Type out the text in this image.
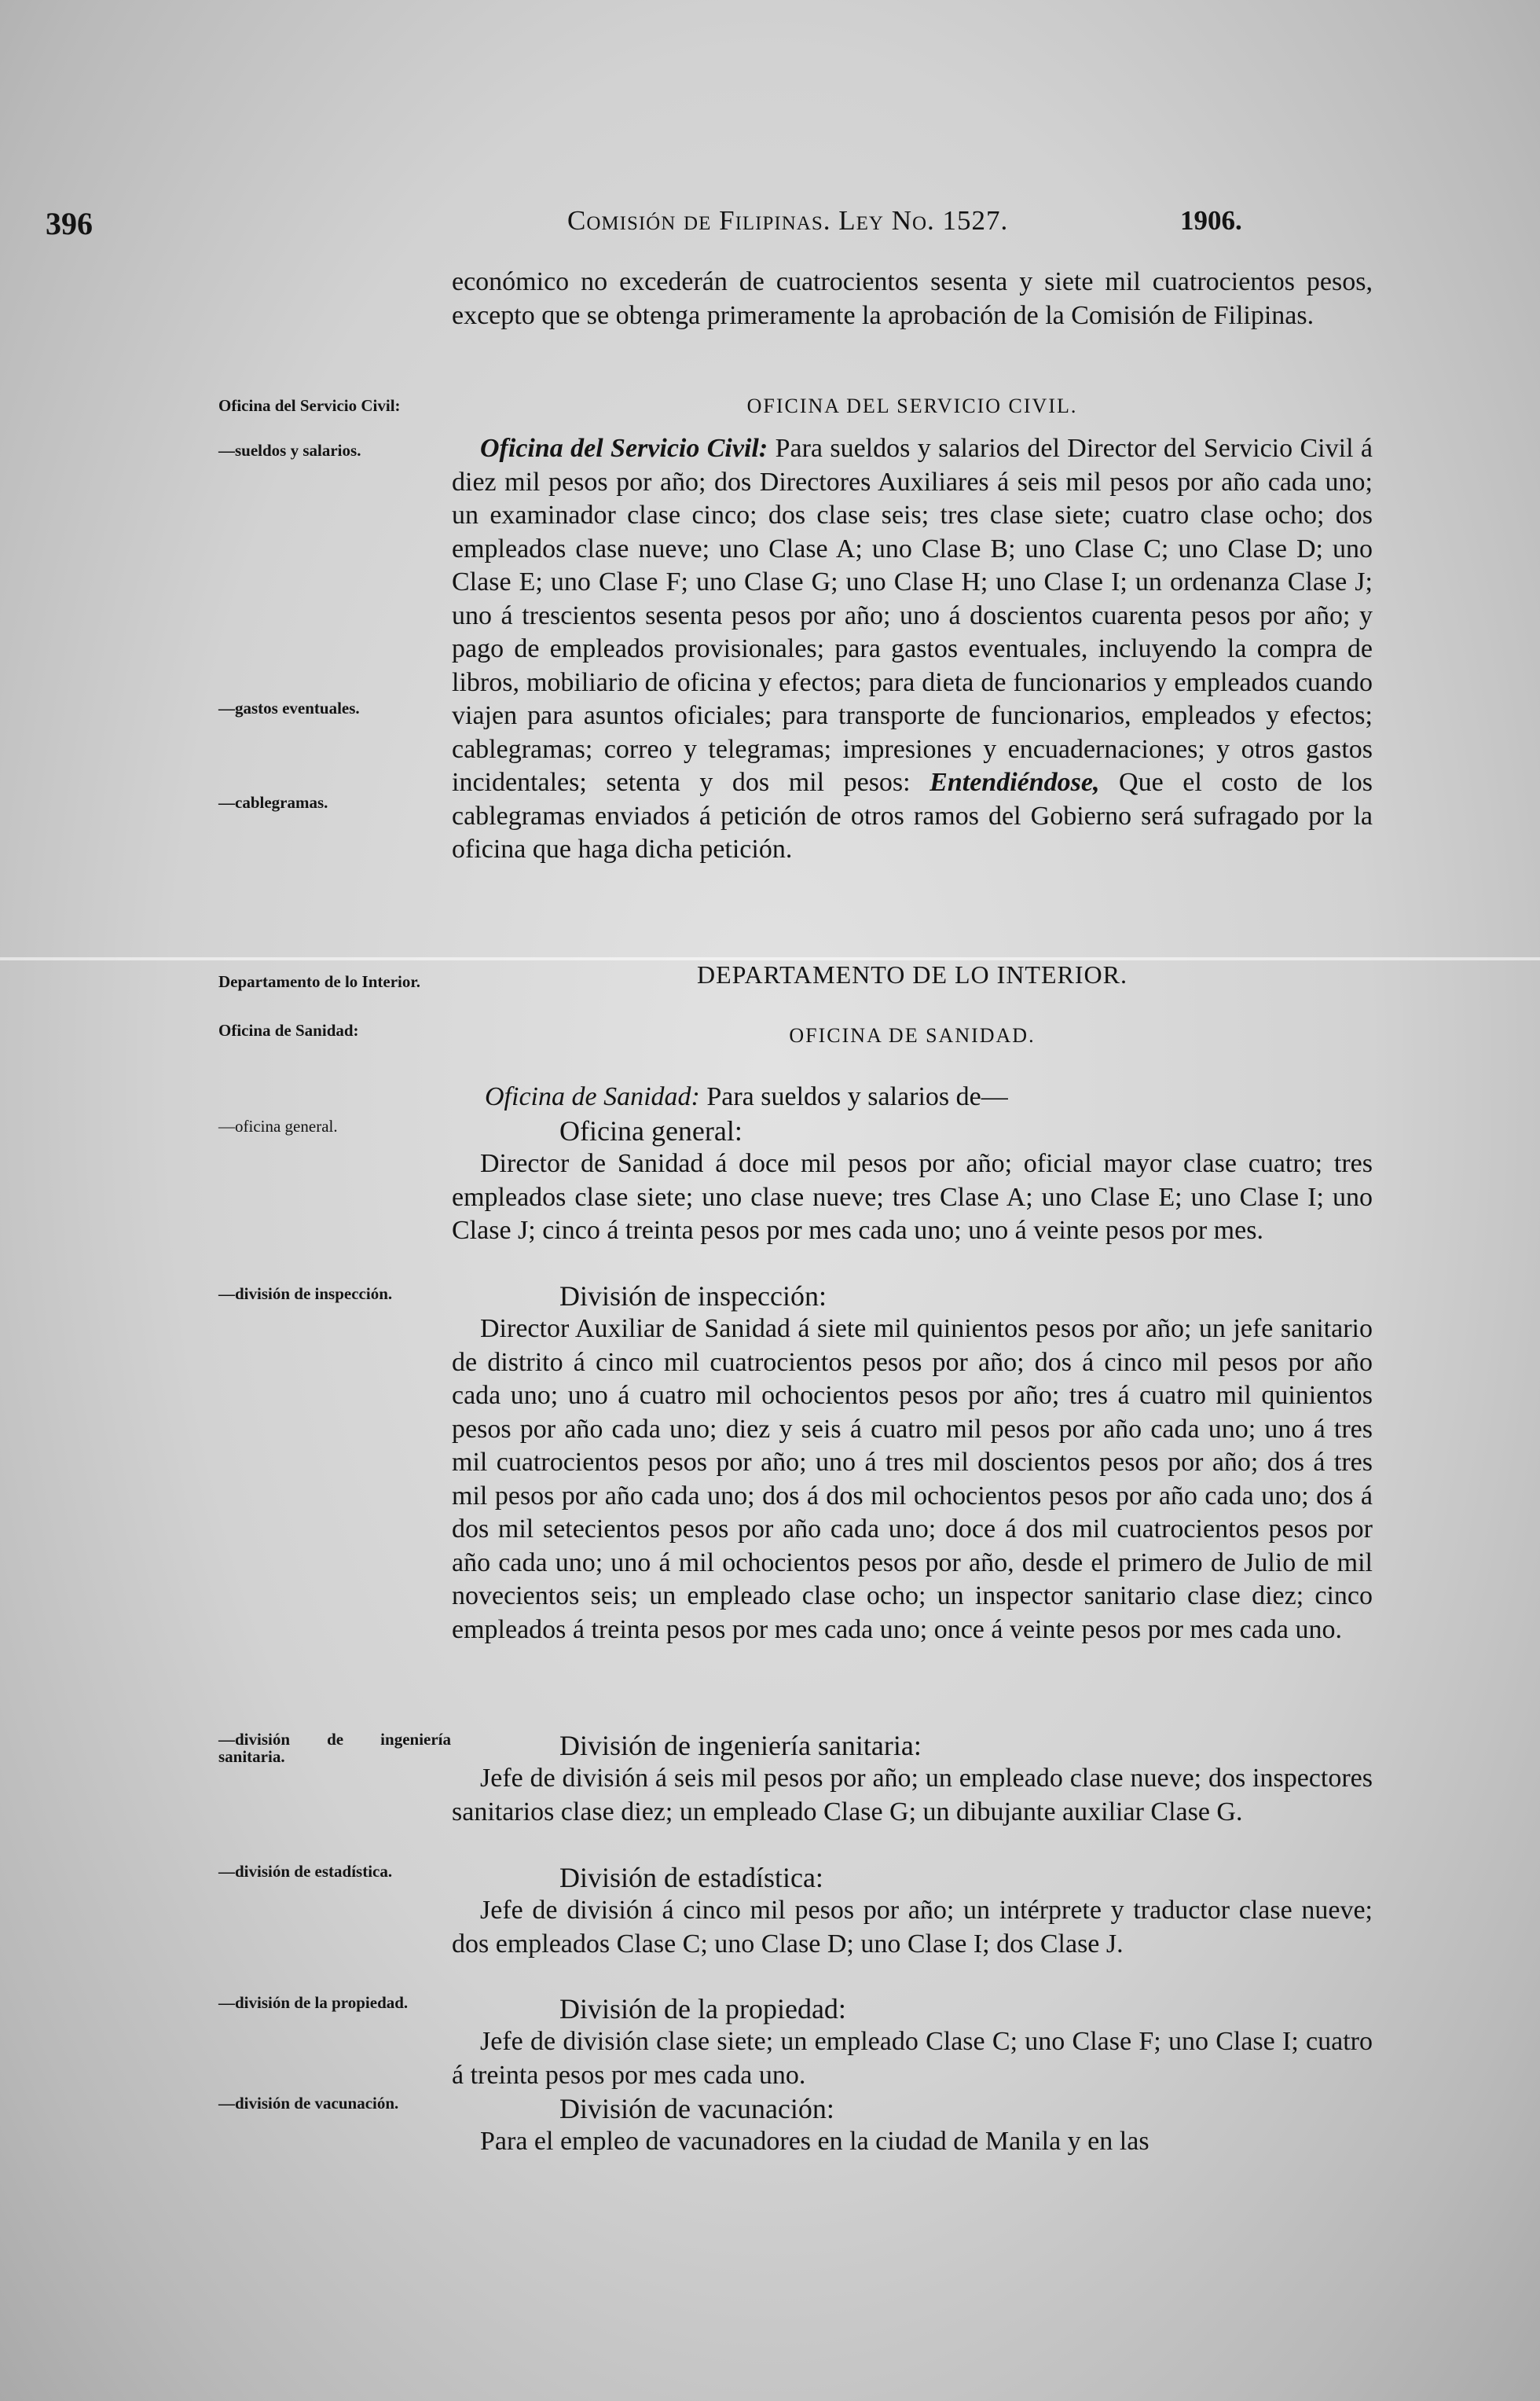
396	Comisión de Filipinas. Ley No. 1527.	1906.

económico no excederán de cuatrocientos sesenta y siete mil cuatrocientos pesos, excepto que se obtenga primeramente la aprobación de la Comisión de Filipinas.

Oficina del Servicio Civil:
—sueldos y salarios.
—gastos eventuales.
—cablegramas.
OFICINA DEL SERVICIO CIVIL.

Oficina del Servicio Civil: Para sueldos y salarios del Director del Servicio Civil á diez mil pesos por año; dos Directores Auxiliares á seis mil pesos por año cada uno; un examinador clase cinco; dos clase seis; tres clase siete; cuatro clase ocho; dos empleados clase nueve; uno Clase A; uno Clase B; uno Clase C; uno Clase D; uno Clase E; uno Clase F; uno Clase G; uno Clase H; uno Clase I; un ordenanza Clase J; uno á trescientos sesenta pesos por año; uno á doscientos cuarenta pesos por año; y pago de empleados provisionales; para gastos eventuales, incluyendo la compra de libros, mobiliario de oficina y efectos; para dieta de funcionarios y empleados cuando viajen para asuntos oficiales; para transporte de funcionarios, empleados y efectos; cablegramas; correo y telegramas; impresiones y encuadernaciones; y otros gastos incidentales; setenta y dos mil pesos: Entendiéndose, Que el costo de los cablegramas enviados á petición de otros ramos del Gobierno será sufragado por la oficina que haga dicha petición.

Departamento de lo Interior.
Oficina de Sanidad:
DEPARTAMENTO DE LO INTERIOR.
OFICINA DE SANIDAD.

Oficina de Sanidad: Para sueldos y salarios de—

—oficina general.	Oficina general:

Director de Sanidad á doce mil pesos por año; oficial mayor clase cuatro; tres empleados clase siete; uno clase nueve; tres Clase A; uno Clase E; uno Clase I; uno Clase J; cinco á treinta pesos por mes cada uno; uno á veinte pesos por mes.

—división de inspección.	División de inspección:

Director Auxiliar de Sanidad á siete mil quinientos pesos por año; un jefe sanitario de distrito á cinco mil cuatrocientos pesos por año; dos á cinco mil pesos por año cada uno; uno á cuatro mil ochocientos pesos por año; tres á cuatro mil quinientos pesos por año cada uno; diez y seis á cuatro mil pesos por año cada uno; uno á tres mil cuatrocientos pesos por año; uno á tres mil doscientos pesos por año; dos á tres mil pesos por año cada uno; dos á dos mil ochocientos pesos por año cada uno; dos á dos mil setecientos pesos por año cada uno; doce á dos mil cuatrocientos pesos por año cada uno; uno á mil ochocientos pesos por año, desde el primero de Julio de mil novecientos seis; un empleado clase ocho; un inspector sanitario clase diez; cinco empleados á treinta pesos por mes cada uno; once á veinte pesos por mes cada uno.

—división de ingeniería sanitaria.	División de ingeniería sanitaria:

Jefe de división á seis mil pesos por año; un empleado clase nueve; dos inspectores sanitarios clase diez; un empleado Clase G; un dibujante auxiliar Clase G.

—división de estadística.	División de estadística:

Jefe de división á cinco mil pesos por año; un intérprete y traductor clase nueve; dos empleados Clase C; uno Clase D; uno Clase I; dos Clase J.

—división de la propiedad.	División de la propiedad:

Jefe de división clase siete; un empleado Clase C; uno Clase F; uno Clase I; cuatro á treinta pesos por mes cada uno.

—división de vacunación.	División de vacunación:

Para el empleo de vacunadores en la ciudad de Manila y en las
